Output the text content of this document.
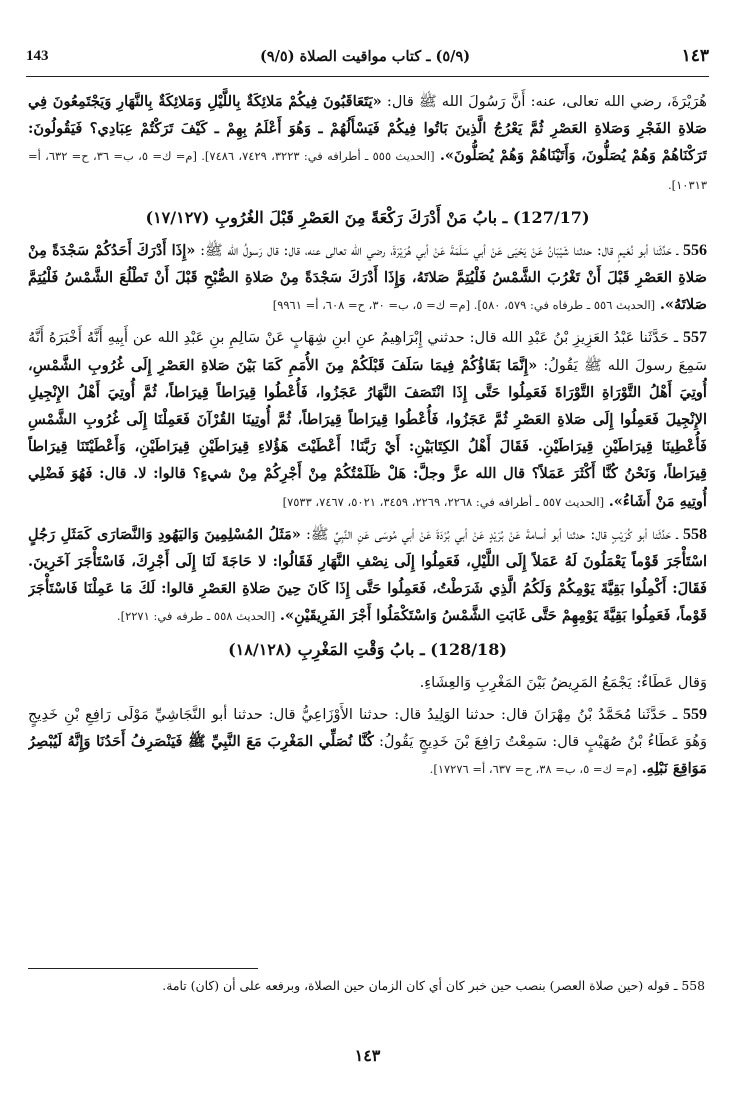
143	(٥/٩) ـ كتاب مواقيت الصلاة (٩/٥)	١٤٣

هُرَيْرَةَ، رضي الله تعالى، عنه: أَنَّ رَسُولَ الله ﷺ قال: «يَتَعَاقَبُونَ فِيكُمْ مَلائِكَةٌ بِاللَّيْلِ وَمَلائِكَةٌ بِالنَّهَارِ وَيَجْتَمِعُونَ فِي صَلاةِ الفَجْرِ وَصَلاةِ العَصْرِ ثُمَّ يَعْرُجُ الَّذِينَ بَاتُوا فِيكُمْ فَيَسْأَلُهُمْ ـ وَهُوَ أَعْلَمُ بِهِمْ ـ كَيْفَ تَرَكْتُمْ عِبَادِي؟ فَيَقُولُونَ: تَرَكْنَاهُمْ وَهُمْ يُصَلُّونَ، وَأَتَيْنَاهُمْ وَهُمْ يُصَلُّونَ». [الحديث ٥٥٥ ـ أطرافه في: ٣٢٢٣، ٧٤٢٩، ٧٤٨٦]. [م= ك= ٥، ب= ٣٦، ح= ٦٣٢، أ= ١٠٣١٣].

(127/17) ـ بابُ مَنْ أَدْرَكَ رَكْعَةً مِنَ العَصْرِ قَبْلَ الغُرُوبِ (١٧/١٢٧)

556 ـ حَدَّثَنا أبو نُعَيمٍ قال: حدثنا شَيْبَانُ عَنْ يَحْيَى عَنْ أبي سَلَمَةَ عَنْ أبي هُرَيْرَةَ، رضي الله تعالى عنه، قال: قال رَسولُ الله ﷺ: «إِذَا أَدْرَكَ أَحَدُكُمْ سَجْدَةً مِنْ صَلاةِ العَصْرِ قَبْلَ أَنْ تَغْرُبَ الشَّمْسُ فَلْيُتِمَّ صَلاتَهُ، وَإِذَا أَدْرَكَ سَجْدَةً مِنْ صَلاةِ الصُّبْحِ قَبْلَ أَنْ تَطْلُعَ الشَّمْسُ فَلْيُتِمَّ صَلاتَهُ». [الحديث ٥٥٦ ـ طرفاه في: ٥٧٩، ٥٨٠]. [م= ك= ٥، ب= ٣٠، ح= ٦٠٨، أ= ٩٩٦١]

557 ـ حَدَّثَنا عَبْدُ العَزِيزِ بْنُ عَبْدِ الله قال: حدثني إِبْرَاهِيمُ عنِ ابنِ شِهَابٍ عَنْ سَالِمِ بنِ عَبْدِ الله عن أَبِيهِ أَنَّهُ أَخْبَرَهُ أَنَّهُ سَمِعَ رسولَ الله ﷺ يَقُولُ: «إِنَّمَا بَقَاؤُكُمْ فِيمَا سَلَفَ قَبْلَكُمْ مِنَ الأُمَمِ كَمَا بَيْنَ صَلاةِ العَصْرِ إِلَى غُرُوبِ الشَّمْسِ، أُوتِيَ أَهْلُ التَّوْرَاةِ التَّوْرَاةَ فَعَمِلُوا حَتَّى إِذَا انْتَصَفَ النَّهَارُ عَجَزُوا، فَأُعْطُوا قِيرَاطاً قِيرَاطاً، ثُمَّ أُوتِيَ أَهْلُ الإِنْجِيلِ الإِنْجِيلَ فَعَمِلُوا إِلَى صَلاةِ العَصْرِ ثُمَّ عَجَزُوا، فَأُعْطُوا قِيرَاطاً قِيرَاطاً، ثُمَّ أُوتِينَا القُرْآنَ فَعَمِلْنَا إِلَى غُرُوبِ الشَّمْسِ فَأُعْطِينَا قِيرَاطَيْنِ قِيرَاطَيْنِ. فَقَالَ أَهْلُ الكِتَابَيْنِ: أَيْ رَبَّنَا! أَعْطَيْتَ هَؤُلاءِ قِيرَاطَيْنِ قِيرَاطَيْنِ، وَأَعْطَيْتَنَا قِيرَاطاً قِيرَاطاً، وَنَحْنُ كُنَّا أَكْثَرَ عَمَلاً؟ قال الله عزَّ وجلَّ: هَلْ ظَلَمْتُكُمْ مِنْ أَجْرِكُمْ مِنْ شيءٍ؟ قالوا: لا. قال: فَهُوَ فَضْلِي أُوتِيهِ مَنْ أَشَاءُ». [الحديث ٥٥٧ ـ أطرافه في: ٢٢٦٨، ٢٢٦٩، ٣٤٥٩، ٥٠٢١، ٧٤٦٧، ٧٥٣٣]

558 ـ حَدَّثَنا أبو كُرَيْبٍ قال: حدثنا أبو أسامةَ عَنْ بُرَيْدٍ عَنْ أبي بُرْدَةَ عَنْ أبي مُوسَى عَنِ النَّبِيِّ ﷺ: «مَثَلُ المُسْلِمِينَ وَاليَهُودِ وَالنَّصَارَى كَمَثَلِ رَجُلٍ اسْتَأْجَرَ قَوْماً يَعْمَلُونَ لَهُ عَمَلاً إِلَى اللَّيْلِ، فَعَمِلُوا إِلَى نِصْفِ النَّهَارِ فَقَالُوا: لا حَاجَةَ لَنَا إِلَى أَجْرِكَ، فَاسْتَأْجَرَ آخَرِينَ. فَقَالَ: أَكْمِلُوا بَقِيَّةَ يَوْمِكُمْ وَلَكُمُ الَّذِي شَرَطْتُ، فَعَمِلُوا حَتَّى إِذَا كَانَ حِينَ صَلاةِ العَصْرِ قالوا: لَكَ مَا عَمِلْنَا فَاسْتَأْجَرَ قَوْماً، فَعَمِلُوا بَقِيَّةَ يَوْمِهِمْ حَتَّى غَابَتِ الشَّمْسُ وَاسْتَكْمَلُوا أَجْرَ الفَرِيقَيْنِ». [الحديث ٥٥٨ ـ طرفه في: ٢٢٧١].

(128/18) ـ بابُ وَقْتِ المَغْرِبِ (١٨/١٢٨)

وَقال عَطَاءٌ: يَجْمَعُ المَرِيضُ بَيْنَ المَغْرِبِ وَالعِشَاءِ.

559 ـ حَدَّثَنا مُحَمَّدُ بْنُ مِهْرَانَ قال: حدثنا الوَلِيدُ قال: حدثنا الأَوْزَاعِيُّ قال: حدثنا أبو النَّجَاشِيِّ مَوْلَى رَافِعِ بْنِ خَدِيجٍ وَهُوَ عَطَاءُ بْنُ صُهَيْبٍ قال: سَمِعْتُ رَافِعَ بْنَ خَدِيجٍ يَقُولُ: كُنَّا نُصَلِّي المَغْرِبَ مَعَ النَّبِيِّ ﷺ فَيَنْصَرِفُ أَحَدُنَا وَإِنَّهُ لَيُبْصِرُ مَوَاقِعَ نَبْلِهِ. [م= ك= ٥، ب= ٣٨، ح= ٦٣٧، أ= ١٧٢٧٦].

558 ـ قوله (حين صلاة العصر) بنصب حين خبر كان أي كان الزمان حين الصلاة، وبرفعه على أن (كان) تامة.
١٤٣
